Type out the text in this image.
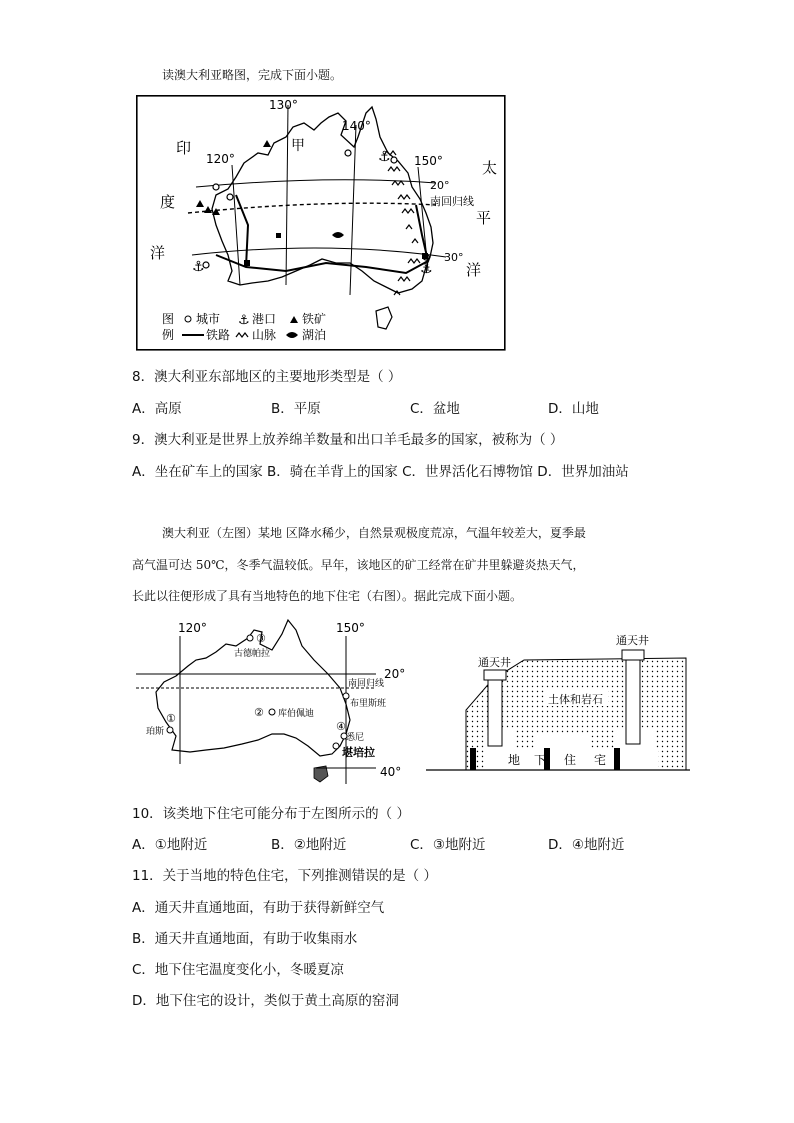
读澳大利亚略图，完成下面小题。
⚓	⚓
⚓
130°
140°
120°	150°
20°
30°
南回归线
甲
印
度
洋
太
平
洋
图
例
城市 ⚓ 港口 铁矿
铁路 山脉 湖泊
8．澳大利亚东部地区的主要地形类型是（ ）
A．高原	B．平原	C．盆地	D．山地
9．澳大利亚是世界上放养绵羊数量和出口羊毛最多的国家，被称为（ ）
A．坐在矿车上的国家 B．骑在羊背上的国家 C．世界活化石博物馆 D．世界加油站
澳大利亚（左图）某地 区降水稀少，自然景观极度荒凉，气温年较差大，夏季最
高气温可达 50℃，冬季气温较低。早年，该地区的矿工经常在矿井里躲避炎热天气，
长此以往便形成了具有当地特色的地下住宅（右图）。据此完成下面小题。
120°	150°
20°
40°
南回归线
③
②
①
④
古德帕拉
库伯佩迪
布里斯班
悉尼
堪培拉
珀斯
通天井
通天井
土体和岩石
地 下 住 宅
10．该类地下住宅可能分布于左图所示的（ ）
A．①地附近	B．②地附近	C．③地附近	D．④地附近
11．关于当地的特色住宅，下列推测错误的是（ ）
A．通天井直通地面，有助于获得新鲜空气
B．通天井直通地面，有助于收集雨水
C．地下住宅温度变化小，冬暖夏凉
D．地下住宅的设计，类似于黄土高原的窑洞
